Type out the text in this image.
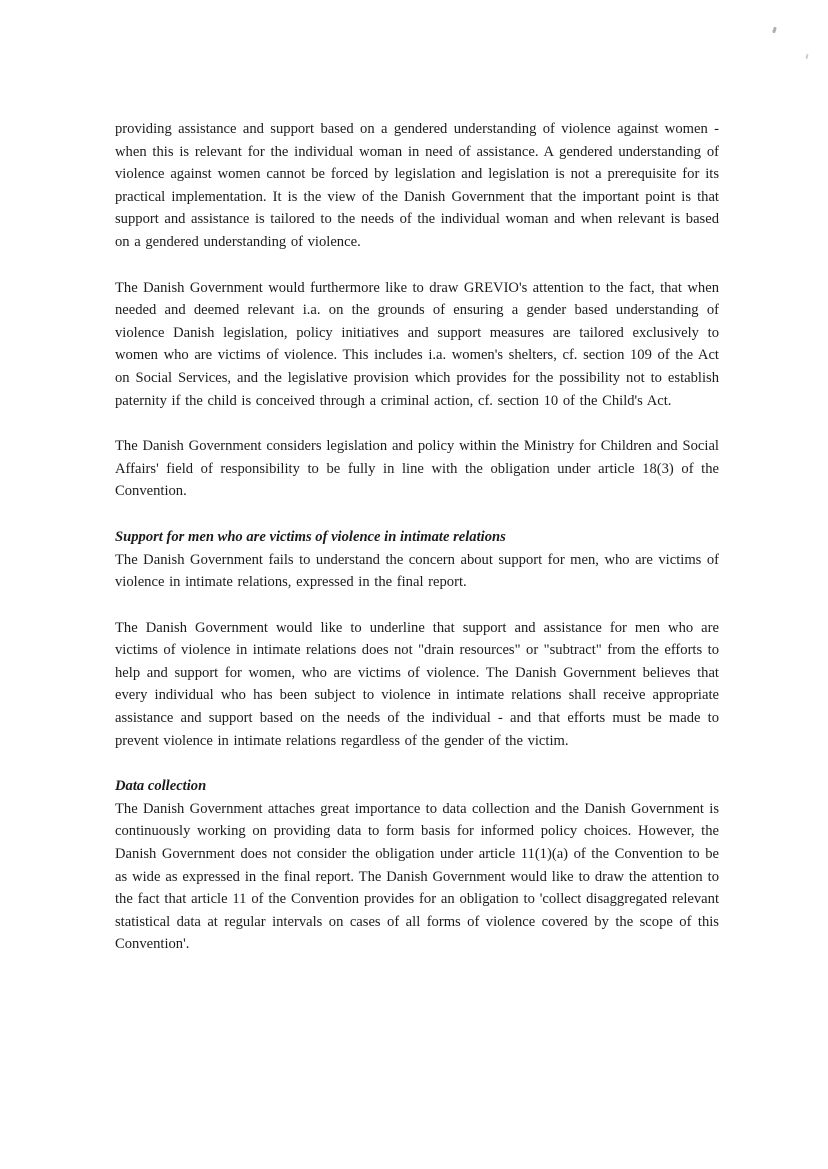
providing assistance and support based on a gendered understanding of violence against women - when this is relevant for the individual woman in need of assistance. A gendered understanding of violence against women cannot be forced by legislation and legislation is not a prerequisite for its practical implementation. It is the view of the Danish Government that the important point is that support and assistance is tailored to the needs of the individual woman and when relevant is based on a gendered understanding of violence.

The Danish Government would furthermore like to draw GREVIO's attention to the fact, that when needed and deemed relevant i.a. on the grounds of ensuring a gender based understanding of violence Danish legislation, policy initiatives and support measures are tailored exclusively to women who are victims of violence. This includes i.a. women's shelters, cf. section 109 of the Act on Social Services, and the legislative provision which provides for the possibility not to establish paternity if the child is conceived through a criminal action, cf. section 10 of the Child's Act.

The Danish Government considers legislation and policy within the Ministry for Children and Social Affairs' field of responsibility to be fully in line with the obligation under article 18(3) of the Convention.

Support for men who are victims of violence in intimate relations

The Danish Government fails to understand the concern about support for men, who are victims of violence in intimate relations, expressed in the final report.

The Danish Government would like to underline that support and assistance for men who are victims of violence in intimate relations does not "drain resources" or "subtract" from the efforts to help and support for women, who are victims of violence. The Danish Government believes that every individual who has been subject to violence in intimate relations shall receive appropriate assistance and support based on the needs of the individual - and that efforts must be made to prevent violence in intimate relations regardless of the gender of the victim.

Data collection

The Danish Government attaches great importance to data collection and the Danish Government is continuously working on providing data to form basis for informed policy choices. However, the Danish Government does not consider the obligation under article 11(1)(a) of the Convention to be as wide as expressed in the final report. The Danish Government would like to draw the attention to the fact that article 11 of the Convention provides for an obligation to 'collect disaggregated relevant statistical data at regular intervals on cases of all forms of violence covered by the scope of this Convention'.
